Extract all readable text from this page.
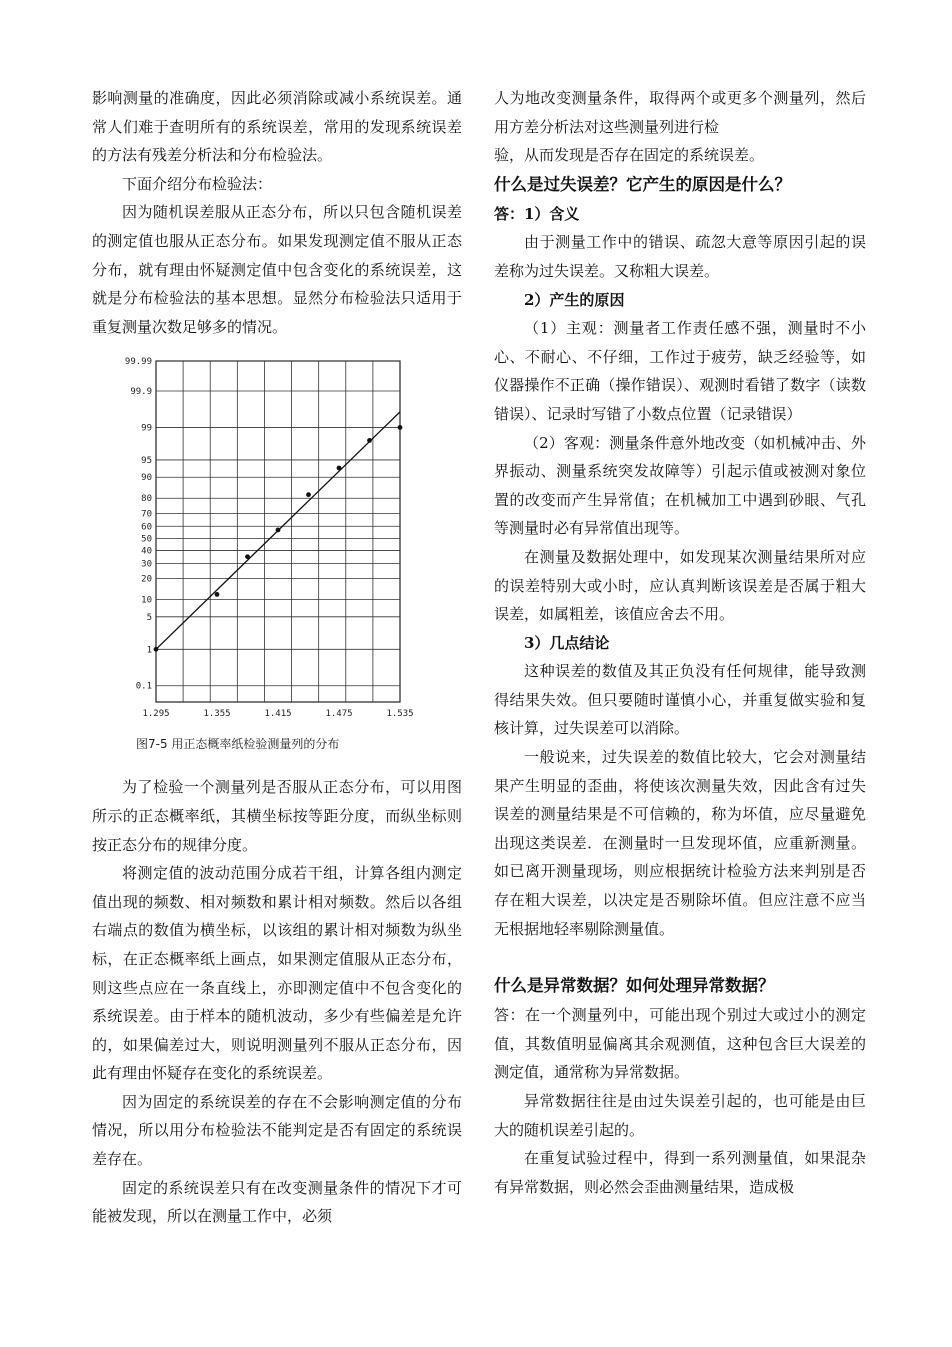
影响测量的准确度，因此必须消除或减小系统误差。通常人们难于查明所有的系统误差，常用的发现系统误差的方法有残差分析法和分布检验法。

下面介绍分布检验法：

因为随机误差服从正态分布，所以只包含随机误差的测定值也服从正态分布。如果发现测定值不服从正态分布，就有理由怀疑测定值中包含变化的系统误差，这就是分布检验法的基本思想。显然分布检验法只适用于重复测量次数足够多的情况。

0.1
1
5
10
20
30
40
50
60
70
80
90
95
99
99.9
99.99
1.295	1.355	1.415	1.475	1.535
图7-5 用正态概率纸检验测量列的分布

为了检验一个测量列是否服从正态分布，可以用图所示的正态概率纸，其横坐标按等距分度，而纵坐标则按正态分布的规律分度。

将测定值的波动范围分成若干组，计算各组内测定值出现的频数、相对频数和累计相对频数。然后以各组右端点的数值为横坐标，以该组的累计相对频数为纵坐标，在正态概率纸上画点，如果测定值服从正态分布，则这些点应在一条直线上，亦即测定值中不包含变化的系统误差。由于样本的随机波动，多少有些偏差是允许的，如果偏差过大，则说明测量列不服从正态分布，因此有理由怀疑存在变化的系统误差。

因为固定的系统误差的存在不会影响测定值的分布情况，所以用分布检验法不能判定是否有固定的系统误差存在。

固定的系统误差只有在改变测量条件的情况下才可能被发现，所以在测量工作中，必须

人为地改变测量条件，取得两个或更多个测量列，然后用方差分析法对这些测量列进行检

验，从而发现是否存在固定的系统误差。

什么是过失误差？它产生的原因是什么？

答：1）含义

由于测量工作中的错误、疏忽大意等原因引起的误差称为过失误差。又称粗大误差。

2）产生的原因

（1）主观：测量者工作责任感不强，测量时不小心、不耐心、不仔细，工作过于疲劳，缺乏经验等，如仪器操作不正确（操作错误）、观测时看错了数字（读数错误）、记录时写错了小数点位置（记录错误）

（2）客观：测量条件意外地改变（如机械冲击、外界振动、测量系统突发故障等）引起示值或被测对象位置的改变而产生异常值；在机械加工中遇到砂眼、气孔等测量时必有异常值出现等。

在测量及数据处理中，如发现某次测量结果所对应的误差特别大或小时，应认真判断该误差是否属于粗大误差，如属粗差，该值应舍去不用。

3）几点结论

这种误差的数值及其正负没有任何规律，能导致测得结果失效。但只要随时谨慎小心，并重复做实验和复核计算，过失误差可以消除。

一般说来，过失误差的数值比较大，它会对测量结果产生明显的歪曲，将使该次测量失效，因此含有过失误差的测量结果是不可信赖的，称为坏值，应尽量避免出现这类误差．在测量时一旦发现坏值，应重新测量。如已离开测量现场，则应根据统计检验方法来判别是否存在粗大误差，以决定是否剔除坏值。但应注意不应当无根据地轻率剔除测量值。

什么是异常数据？如何处理异常数据？

答：在一个测量列中，可能出现个别过大或过小的测定值，其数值明显偏离其余观测值，这种包含巨大误差的测定值，通常称为异常数据。

异常数据往往是由过失误差引起的，也可能是由巨大的随机误差引起的。

在重复试验过程中，得到一系列测量值，如果混杂有异常数据，则必然会歪曲测量结果，造成极
